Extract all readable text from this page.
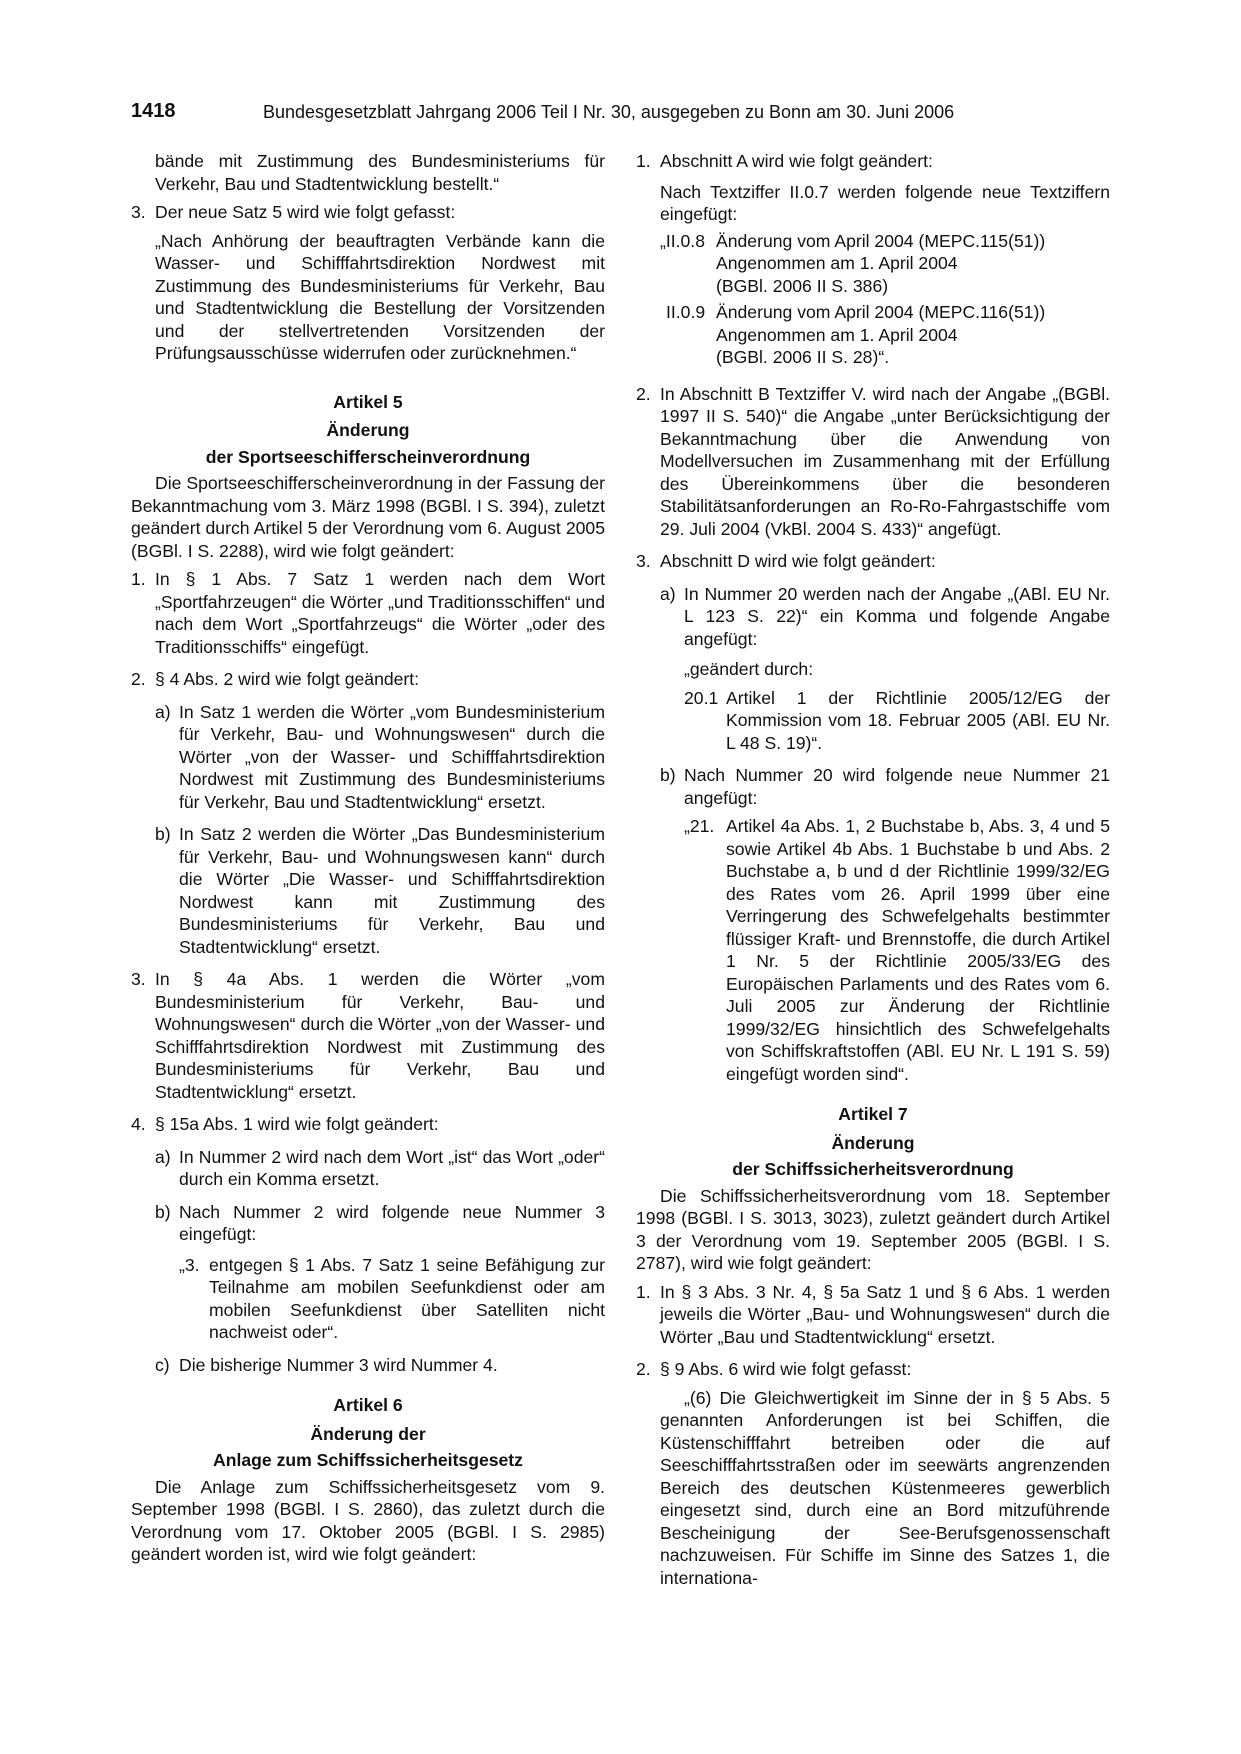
1418	Bundesgesetzblatt Jahrgang 2006 Teil I Nr. 30, ausgegeben zu Bonn am 30. Juni 2006

bände mit Zustimmung des Bundesministeriums für Verkehr, Bau und Stadtentwicklung bestellt.“

3. Der neue Satz 5 wird wie folgt gefasst:

„Nach Anhörung der beauftragten Verbände kann die Wasser- und Schifffahrtsdirektion Nordwest mit Zustimmung des Bundesministeriums für Verkehr, Bau und Stadtentwicklung die Bestellung der Vorsitzenden und der stellvertretenden Vorsitzenden der Prüfungsausschüsse widerrufen oder zurücknehmen.“

Artikel 5
Änderung
der Sportseeschifferscheinverordnung

Die Sportseeschifferscheinverordnung in der Fassung der Bekanntmachung vom 3. März 1998 (BGBl. I S. 394), zuletzt geändert durch Artikel 5 der Verordnung vom 6. August 2005 (BGBl. I S. 2288), wird wie folgt geändert:

1. In § 1 Abs. 7 Satz 1 werden nach dem Wort „Sportfahrzeugen“ die Wörter „und Traditionsschiffen“ und nach dem Wort „Sportfahrzeugs“ die Wörter „oder des Traditionsschiffs“ eingefügt.

2. § 4 Abs. 2 wird wie folgt geändert:

a) In Satz 1 werden die Wörter „vom Bundesministerium für Verkehr, Bau- und Wohnungswesen“ durch die Wörter „von der Wasser- und Schifffahrtsdirektion Nordwest mit Zustimmung des Bundesministeriums für Verkehr, Bau und Stadtentwicklung“ ersetzt.

b) In Satz 2 werden die Wörter „Das Bundesministerium für Verkehr, Bau- und Wohnungswesen kann“ durch die Wörter „Die Wasser- und Schifffahrtsdirektion Nordwest kann mit Zustimmung des Bundesministeriums für Verkehr, Bau und Stadtentwicklung“ ersetzt.

3. In § 4a Abs. 1 werden die Wörter „vom Bundesministerium für Verkehr, Bau- und Wohnungswesen“ durch die Wörter „von der Wasser- und Schifffahrtsdirektion Nordwest mit Zustimmung des Bundesministeriums für Verkehr, Bau und Stadtentwicklung“ ersetzt.

4. § 15a Abs. 1 wird wie folgt geändert:

a) In Nummer 2 wird nach dem Wort „ist“ das Wort „oder“ durch ein Komma ersetzt.

b) Nach Nummer 2 wird folgende neue Nummer 3 eingefügt:

„3. entgegen § 1 Abs. 7 Satz 1 seine Befähigung zur Teilnahme am mobilen Seefunkdienst oder am mobilen Seefunkdienst über Satelliten nicht nachweist oder“.

c) Die bisherige Nummer 3 wird Nummer 4.

Artikel 6
Änderung der
Anlage zum Schiffssicherheitsgesetz

Die Anlage zum Schiffssicherheitsgesetz vom 9. September 1998 (BGBl. I S. 2860), das zuletzt durch die Verordnung vom 17. Oktober 2005 (BGBl. I S. 2985) geändert worden ist, wird wie folgt geändert:

1. Abschnitt A wird wie folgt geändert:

Nach Textziffer II.0.7 werden folgende neue Textziffern eingefügt:

„II.0.8 Änderung vom April 2004 (MEPC.115(51))
Angenommen am 1. April 2004
(BGBl. 2006 II S. 386)
II.0.9 Änderung vom April 2004 (MEPC.116(51))
Angenommen am 1. April 2004
(BGBl. 2006 II S. 28)“.
2. In Abschnitt B Textziffer V. wird nach der Angabe „(BGBl. 1997 II S. 540)“ die Angabe „unter Berücksichtigung der Bekanntmachung über die Anwendung von Modellversuchen im Zusammenhang mit der Erfüllung des Übereinkommens über die besonderen Stabilitätsanforderungen an Ro-Ro-Fahrgastschiffe vom 29. Juli 2004 (VkBl. 2004 S. 433)“ angefügt.

3. Abschnitt D wird wie folgt geändert:

a) In Nummer 20 werden nach der Angabe „(ABl. EU Nr. L 123 S. 22)“ ein Komma und folgende Angabe angefügt:

„geändert durch:

20.1 Artikel 1 der Richtlinie 2005/12/EG der Kommission vom 18. Februar 2005 (ABl. EU Nr. L 48 S. 19)“.

b) Nach Nummer 20 wird folgende neue Nummer 21 angefügt:

„21. Artikel 4a Abs. 1, 2 Buchstabe b, Abs. 3, 4 und 5 sowie Artikel 4b Abs. 1 Buchstabe b und Abs. 2 Buchstabe a, b und d der Richtlinie 1999/32/EG des Rates vom 26. April 1999 über eine Verringerung des Schwefelgehalts bestimmter flüssiger Kraft- und Brennstoffe, die durch Artikel 1 Nr. 5 der Richtlinie 2005/33/EG des Europäischen Parlaments und des Rates vom 6. Juli 2005 zur Änderung der Richtlinie 1999/32/EG hinsichtlich des Schwefelgehalts von Schiffskraftstoffen (ABl. EU Nr. L 191 S. 59) eingefügt worden sind“.

Artikel 7
Änderung
der Schiffssicherheitsverordnung

Die Schiffssicherheitsverordnung vom 18. September 1998 (BGBl. I S. 3013, 3023), zuletzt geändert durch Artikel 3 der Verordnung vom 19. September 2005 (BGBl. I S. 2787), wird wie folgt geändert:

1. In § 3 Abs. 3 Nr. 4, § 5a Satz 1 und § 6 Abs. 1 werden jeweils die Wörter „Bau- und Wohnungswesen“ durch die Wörter „Bau und Stadtentwicklung“ ersetzt.

2. § 9 Abs. 6 wird wie folgt gefasst:

„(6) Die Gleichwertigkeit im Sinne der in § 5 Abs. 5 genannten Anforderungen ist bei Schiffen, die Küstenschifffahrt betreiben oder die auf Seeschifffahrtsstraßen oder im seewärts angrenzenden Bereich des deutschen Küstenmeeres gewerblich eingesetzt sind, durch eine an Bord mitzuführende Bescheinigung der See-Berufsgenossenschaft nachzuweisen. Für Schiffe im Sinne des Satzes 1, die internationa-
